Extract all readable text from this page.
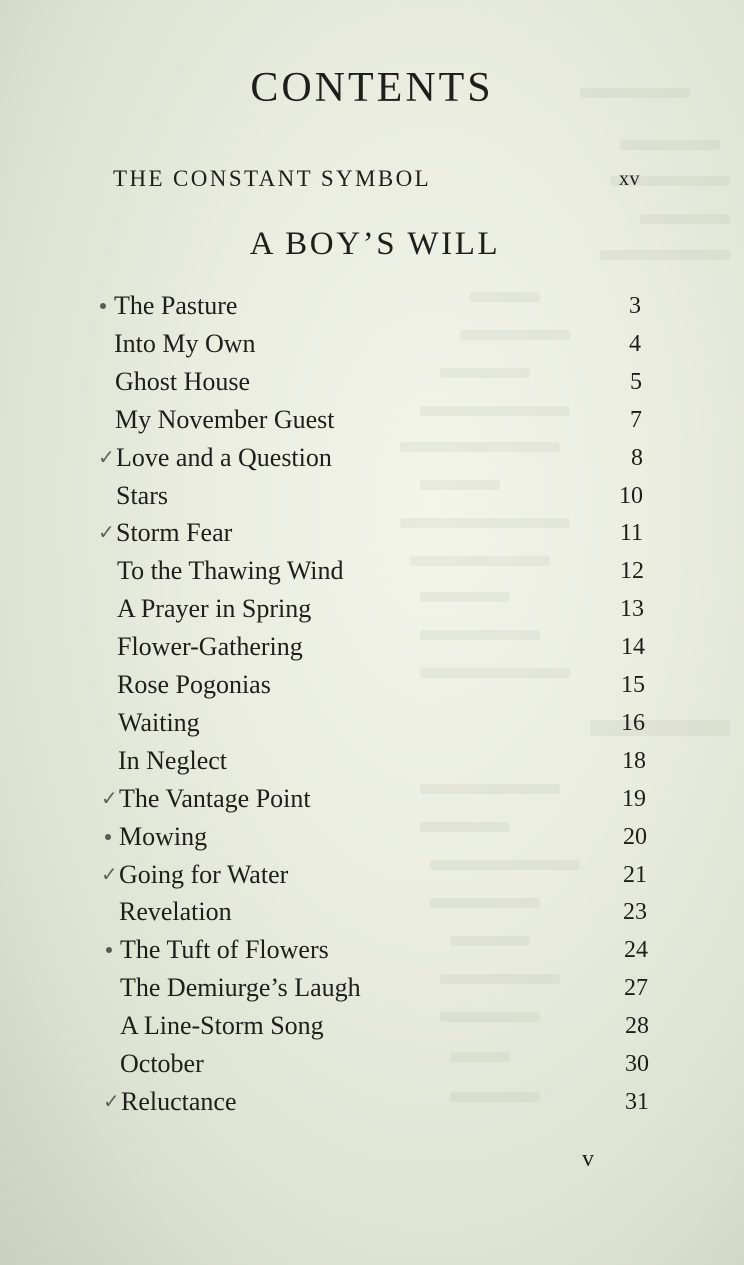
CONTENTS
THE CONSTANT SYMBOL	xv
A BOY’S WILL
The Pasture	3
Into My Own	4
Ghost House	5
My November Guest	7
✓ Love and a Question	8
Stars	10
✓ Storm Fear	11
To the Thawing Wind	12
A Prayer in Spring	13
Flower-Gathering	14
Rose Pogonias	15
Waiting	16
In Neglect	18
✓ The Vantage Point	19
Mowing	20
✓ Going for Water	21
Revelation	23
The Tuft of Flowers	24
The Demiurge’s Laugh	27
A Line-Storm Song	28
October	30
✓ Reluctance	31
v
